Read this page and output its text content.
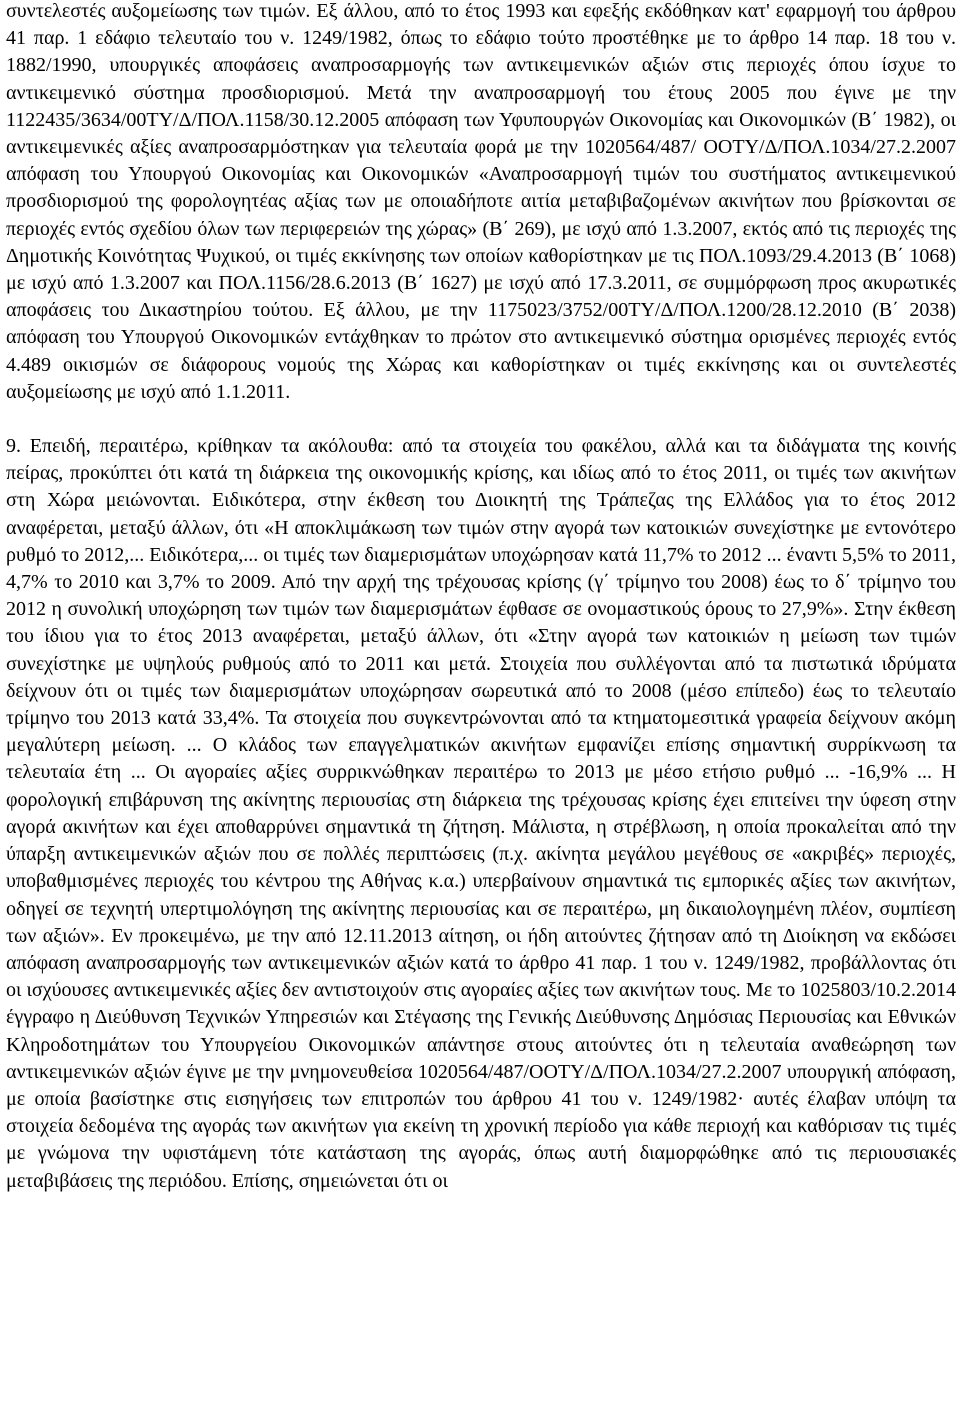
συντελεστές αυξομείωσης των τιμών. Εξ άλλου, από το έτος 1993 και εφεξής εκδόθηκαν κατ' εφαρμογή του άρθρου 41 παρ. 1 εδάφιο τελευταίο του ν. 1249/1982, όπως το εδάφιο τούτο προστέθηκε με το άρθρο 14 παρ. 18 του ν. 1882/1990, υπουργικές αποφάσεις αναπροσαρμογής των αντικειμενικών αξιών στις περιοχές όπου ίσχυε το αντικειμενικό σύστημα προσδιορισμού. Μετά την αναπροσαρμογή του έτους 2005 που έγινε με την 1122435/3634/00ΤΥ/Δ/ΠΟΛ.1158/30.12.2005 απόφαση των Υφυπουργών Οικονομίας και Οικονομικών (Β΄ 1982), οι αντικειμενικές αξίες αναπροσαρμόστηκαν για τελευταία φορά με την 1020564/487/ ΟΟΤΥ/Δ/ΠΟΛ.1034/27.2.2007 απόφαση του Υπουργού Οικονομίας και Οικονομικών «Αναπροσαρμογή τιμών του συστήματος αντικειμενικού προσδιορισμού της φορολογητέας αξίας των με οποιαδήποτε αιτία μεταβιβαζομένων ακινήτων που βρίσκονται σε περιοχές εντός σχεδίου όλων των περιφερειών της χώρας» (Β΄ 269), με ισχύ από 1.3.2007, εκτός από τις περιοχές της Δημοτικής Κοινότητας Ψυχικού, οι τιμές εκκίνησης των οποίων καθορίστηκαν με τις ΠΟΛ.1093/29.4.2013 (Β΄ 1068) με ισχύ από 1.3.2007 και ΠΟΛ.1156/28.6.2013 (Β΄ 1627) με ισχύ από 17.3.2011, σε συμμόρφωση προς ακυρωτικές αποφάσεις του Δικαστηρίου τούτου. Εξ άλλου, με την 1175023/3752/00ΤΥ/Δ/ΠΟΛ.1200/28.12.2010 (Β΄ 2038) απόφαση του Υπουργού Οικονομικών εντάχθηκαν το πρώτον στο αντικειμενικό σύστημα ορισμένες περιοχές εντός 4.489 οικισμών σε διάφορους νομούς της Χώρας και καθορίστηκαν οι τιμές εκκίνησης και οι συντελεστές αυξομείωσης με ισχύ από 1.1.2011.

9. Επειδή, περαιτέρω, κρίθηκαν τα ακόλουθα: από τα στοιχεία του φακέλου, αλλά και τα διδάγματα της κοινής πείρας, προκύπτει ότι κατά τη διάρκεια της οικονομικής κρίσης, και ιδίως από το έτος 2011, οι τιμές των ακινήτων στη Χώρα μειώνονται. Ειδικότερα, στην έκθεση του Διοικητή της Τράπεζας της Ελλάδος για το έτος 2012 αναφέρεται, μεταξύ άλλων, ότι «Η αποκλιμάκωση των τιμών στην αγορά των κατοικιών συνεχίστηκε με εντονότερο ρυθμό το 2012,... Ειδικότερα,... οι τιμές των διαμερισμάτων υποχώρησαν κατά 11,7% το 2012 ... έναντι 5,5% το 2011, 4,7% το 2010 και 3,7% το 2009. Από την αρχή της τρέχουσας κρίσης (γ΄ τρίμηνο του 2008) έως το δ΄ τρίμηνο του 2012 η συνολική υποχώρηση των τιμών των διαμερισμάτων έφθασε σε ονομαστικούς όρους το 27,9%». Στην έκθεση του ίδιου για το έτος 2013 αναφέρεται, μεταξύ άλλων, ότι «Στην αγορά των κατοικιών η μείωση των τιμών συνεχίστηκε με υψηλούς ρυθμούς από το 2011 και μετά. Στοιχεία που συλλέγονται από τα πιστωτικά ιδρύματα δείχνουν ότι οι τιμές των διαμερισμάτων υποχώρησαν σωρευτικά από το 2008 (μέσο επίπεδο) έως το τελευταίο τρίμηνο του 2013 κατά 33,4%. Τα στοιχεία που συγκεντρώνονται από τα κτηματομεσιτικά γραφεία δείχνουν ακόμη μεγαλύτερη μείωση. ... Ο κλάδος των επαγγελματικών ακινήτων εμφανίζει επίσης σημαντική συρρίκνωση τα τελευταία έτη ... Οι αγοραίες αξίες συρρικνώθηκαν περαιτέρω το 2013 με μέσο ετήσιο ρυθμό ... -16,9% ... Η φορολογική επιβάρυνση της ακίνητης περιουσίας στη διάρκεια της τρέχουσας κρίσης έχει επιτείνει την ύφεση στην αγορά ακινήτων και έχει αποθαρρύνει σημαντικά τη ζήτηση. Μάλιστα, η στρέβλωση, η οποία προκαλείται από την ύπαρξη αντικειμενικών αξιών που σε πολλές περιπτώσεις (π.χ. ακίνητα μεγάλου μεγέθους σε «ακριβές» περιοχές, υποβαθμισμένες περιοχές του κέντρου της Αθήνας κ.α.) υπερβαίνουν σημαντικά τις εμπορικές αξίες των ακινήτων, οδηγεί σε τεχνητή υπερτιμολόγηση της ακίνητης περιουσίας και σε περαιτέρω, μη δικαιολογημένη πλέον, συμπίεση των αξιών». Εν προκειμένω, με την από 12.11.2013 αίτηση, οι ήδη αιτούντες ζήτησαν από τη Διοίκηση να εκδώσει απόφαση αναπροσαρμογής των αντικειμενικών αξιών κατά το άρθρο 41 παρ. 1 του ν. 1249/1982, προβάλλοντας ότι οι ισχύουσες αντικειμενικές αξίες δεν αντιστοιχούν στις αγοραίες αξίες των ακινήτων τους. Με το 1025803/10.2.2014 έγγραφο η Διεύθυνση Τεχνικών Υπηρεσιών και Στέγασης της Γενικής Διεύθυνσης Δημόσιας Περιουσίας και Εθνικών Κληροδοτημάτων του Υπουργείου Οικονομικών απάντησε στους αιτούντες ότι η τελευταία αναθεώρηση των αντικειμενικών αξιών έγινε με την μνημονευθείσα 1020564/487/ΟΟΤΥ/Δ/ΠΟΛ.1034/27.2.2007 υπουργική απόφαση, με οποία βασίστηκε στις εισηγήσεις των επιτροπών του άρθρου 41 του ν. 1249/1982· αυτές έλαβαν υπόψη τα στοιχεία δεδομένα της αγοράς των ακινήτων για εκείνη τη χρονική περίοδο για κάθε περιοχή και καθόρισαν τις τιμές με γνώμονα την υφιστάμενη τότε κατάσταση της αγοράς, όπως αυτή διαμορφώθηκε από τις περιουσιακές μεταβιβάσεις της περιόδου. Επίσης, σημειώνεται ότι οι
